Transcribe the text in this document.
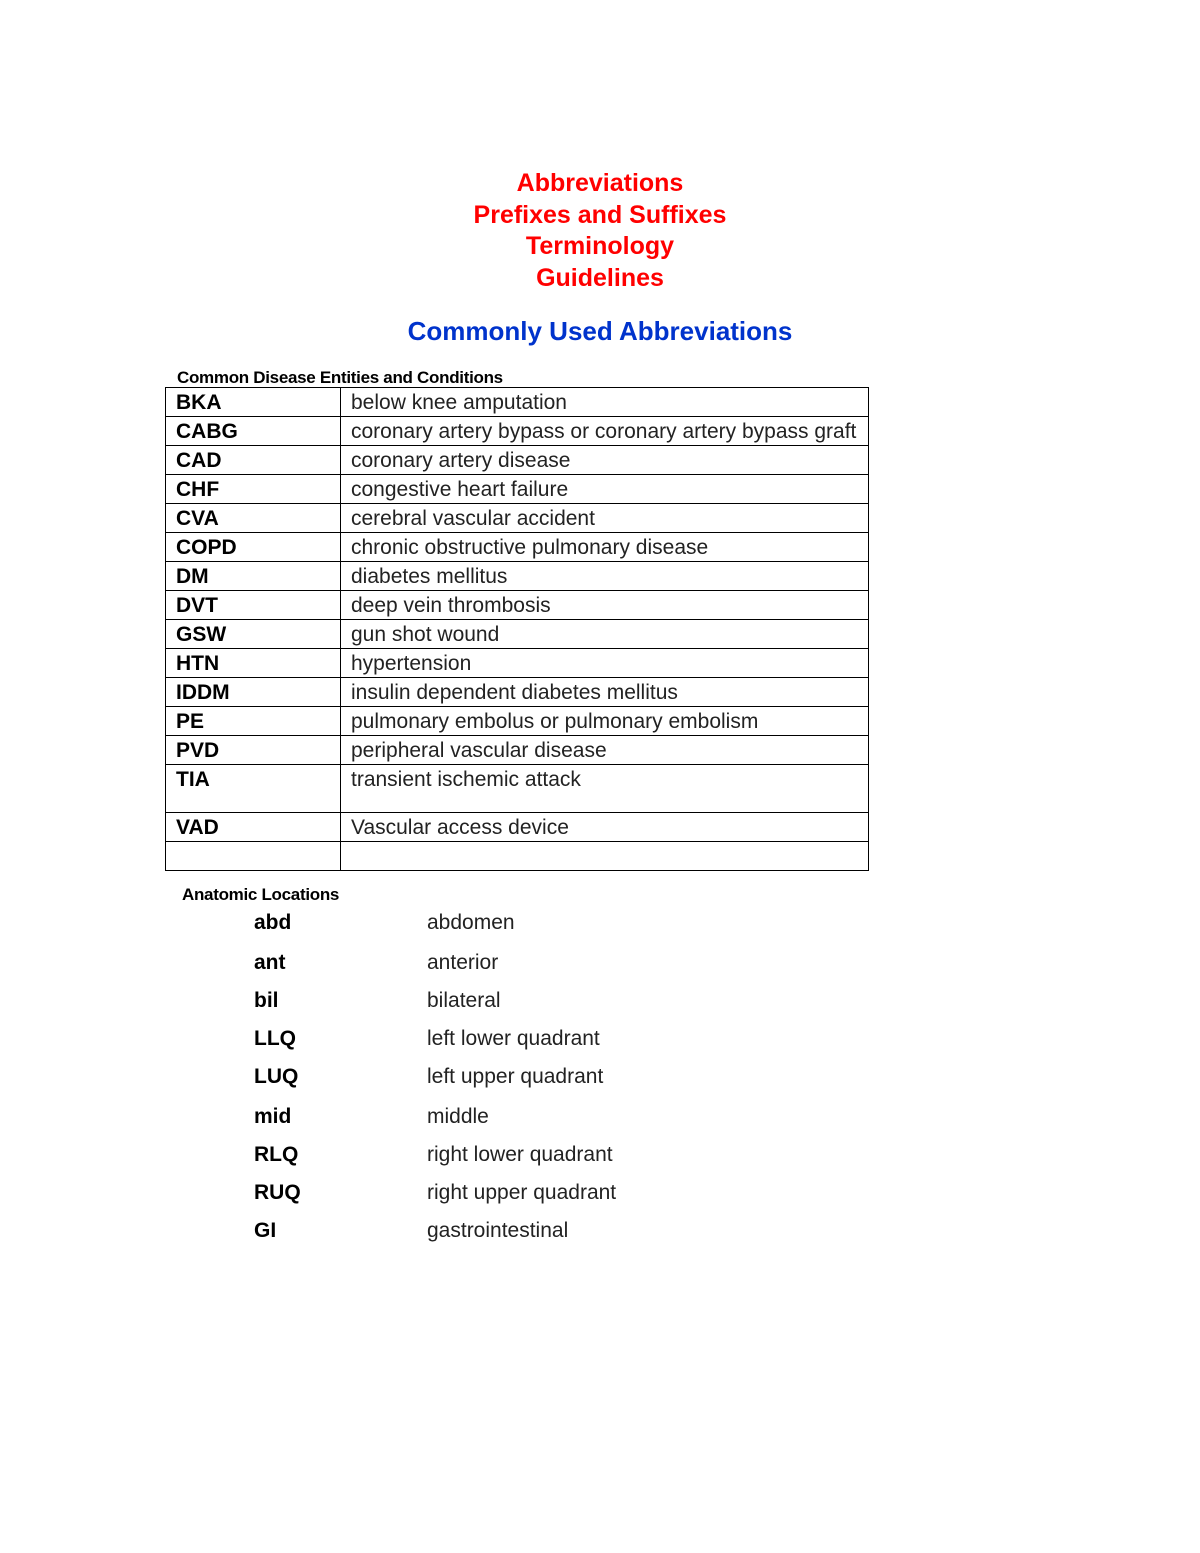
Abbreviations
Prefixes and Suffixes
Terminology
Guidelines
Commonly Used Abbreviations
Common Disease Entities and Conditions
BKA	below knee amputation
CABG	coronary artery bypass or coronary artery bypass graft
CAD	coronary artery disease
CHF	congestive heart failure
CVA	cerebral vascular accident
COPD	chronic obstructive pulmonary disease
DM	diabetes mellitus
DVT	deep vein thrombosis
GSW	gun shot wound
HTN	hypertension
IDDM	insulin dependent diabetes mellitus
PE	pulmonary embolus or pulmonary embolism
PVD	peripheral vascular disease
TIA	transient ischemic attack
VAD	Vascular access device

Anatomic Locations
abd	abdomen
ant	anterior
bil	bilateral
LLQ	left lower quadrant
LUQ	left upper quadrant
mid	middle
RLQ	right lower quadrant
RUQ	right upper quadrant
GI	gastrointestinal
